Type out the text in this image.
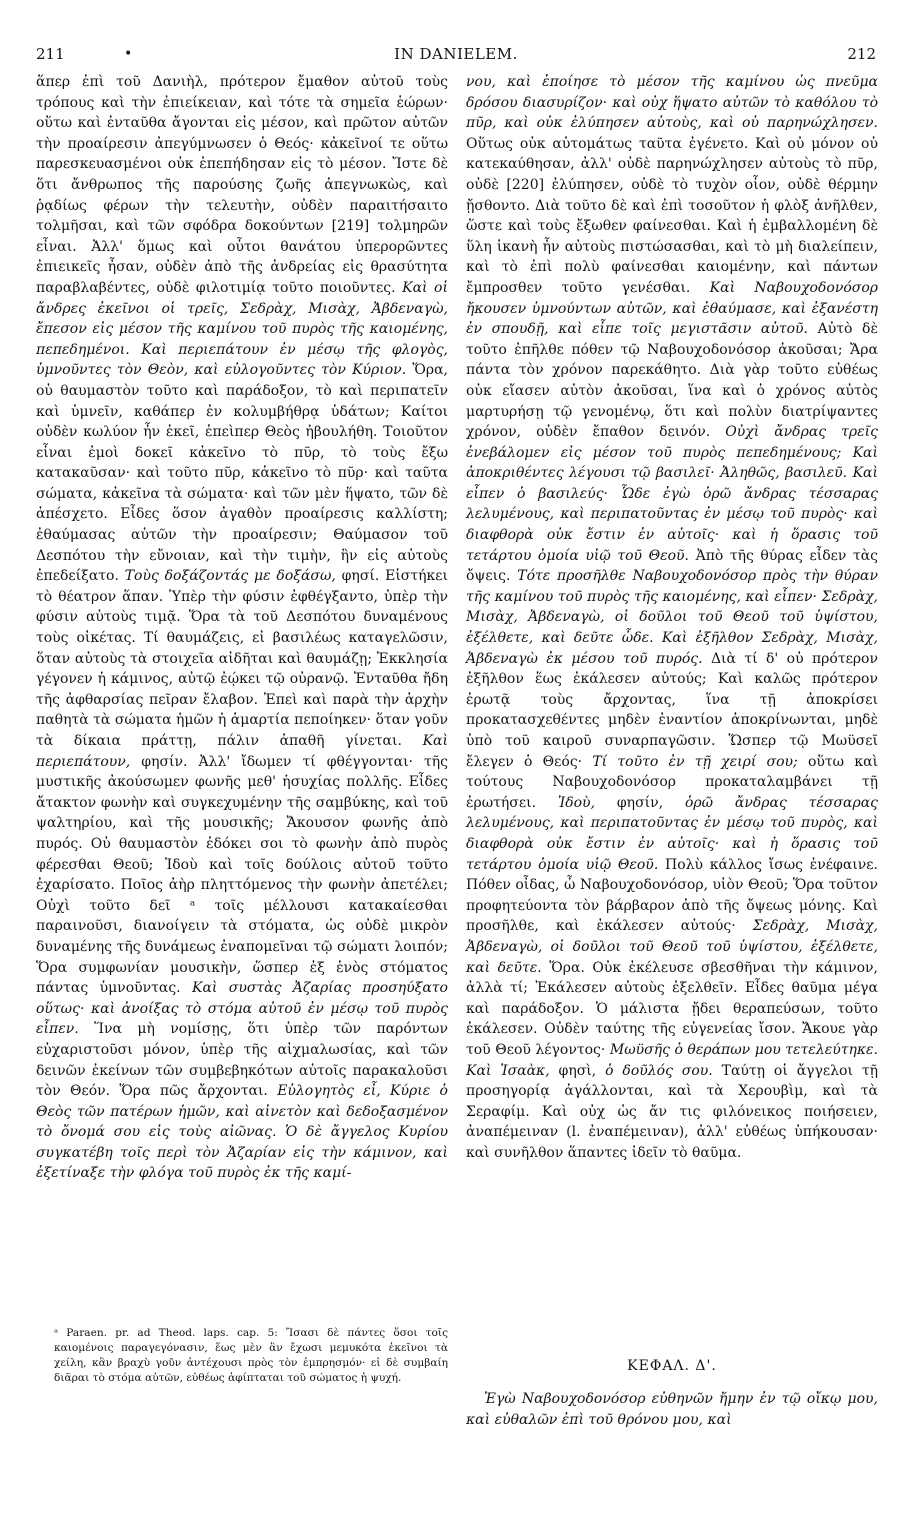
211	•	IN DANIELEM.	212

ἅπερ ἐπὶ τοῦ Δανιὴλ, πρότερον ἔμαθον αὐτοῦ τοὺς τρόπους καὶ τὴν ἐπιείκειαν, καὶ τότε τὰ σημεῖα ἑώρων· οὕτω καὶ ἐνταῦθα ἄγονται εἰς μέσον, καὶ πρῶτον αὐτῶν τὴν προαίρεσιν ἀπεγύμνωσεν ὁ Θεός· κἀκεῖνοί τε οὕτω παρεσκευασμένοι οὐκ ἐπεπήδησαν εἰς τὸ μέσον. Ἴστε δὲ ὅτι ἄνθρωπος τῆς παρούσης ζωῆς ἀπεγνωκὼς, καὶ ῥᾳδίως φέρων τὴν τελευτὴν, οὐδὲν παραιτήσαιτο τολμῆσαι, καὶ τῶν σφόδρα δοκούντων [219] τολμηρῶν εἶναι. Ἀλλ' ὅμως καὶ οὗτοι θανάτου ὑπερορῶντες ἐπιεικεῖς ἦσαν, οὐδὲν ἀπὸ τῆς ἀνδρείας εἰς θρασύτητα παραβλαβέντες, οὐδὲ φιλοτιμίᾳ τοῦτο ποιοῦντες. Καὶ οἱ ἄνδρες ἐκεῖνοι οἱ τρεῖς, Σεδρὰχ, Μισὰχ, Ἀβδεναγὼ, ἔπεσον εἰς μέσον τῆς καμίνου τοῦ πυρὸς τῆς καιομένης, πεπεδημένοι. Καὶ περιεπάτουν ἐν μέσῳ τῆς φλογὸς, ὑμνοῦντες τὸν Θεὸν, καὶ εὐλογοῦντες τὸν Κύριον. Ὅρα, οὐ θαυμαστὸν τοῦτο καὶ παράδοξον, τὸ καὶ περιπατεῖν καὶ ὑμνεῖν, καθάπερ ἐν κολυμβήθρᾳ ὑδάτων; Καίτοι οὐδὲν κωλύον ἦν ἐκεῖ, ἐπεὶπερ Θεὸς ἠβουλήθη. Τοιοῦτον εἶναι ἐμοὶ δοκεῖ κἀκεῖνο τὸ πῦρ, τὸ τοὺς ἔξω κατακαῦσαν· καὶ τοῦτο πῦρ, κἀκεῖνο τὸ πῦρ· καὶ ταῦτα σώματα, κἀκεῖνα τὰ σώματα· καὶ τῶν μὲν ἥψατο, τῶν δὲ ἀπέσχετο. Εἶδες ὅσον ἀγαθὸν προαίρεσις καλλίστη; ἐθαύμασας αὐτῶν τὴν προαίρεσιν; Θαύμασον τοῦ Δεσπότου τὴν εὔνοιαν, καὶ τὴν τιμὴν, ἣν εἰς αὐτοὺς ἐπεδείξατο. Τοὺς δοξάζοντάς με δοξάσω, φησί. Εἱστήκει τὸ θέατρον ἅπαν. Ὑπὲρ τὴν φύσιν ἐφθέγξαντο, ὑπὲρ τὴν φύσιν αὐτοὺς τιμᾷ. Ὅρα τὰ τοῦ Δεσπότου δυναμένους τοὺς οἰκέτας. Τί θαυμάζεις, εἰ βασιλέως καταγελῶσιν, ὅταν αὐτοὺς τὰ στοιχεῖα αἰδῆται καὶ θαυμάζῃ; Ἐκκλησία γέγονεν ἡ κάμινος, αὐτῷ ἐῴκει τῷ οὐρανῷ. Ἐνταῦθα ἤδη τῆς ἀφθαρσίας πεῖραν ἔλαβον. Ἐπεὶ καὶ παρὰ τὴν ἀρχὴν παθητὰ τὰ σώματα ἡμῶν ἡ ἁμαρτία πεποίηκεν· ὅταν γοῦν τὰ δίκαια πράττῃ, πάλιν ἀπαθῆ γίνεται. Καὶ περιεπάτουν, φησίν. Ἀλλ' ἴδωμεν τί φθέγγονται· τῆς μυστικῆς ἀκούσωμεν φωνῆς μεθ' ἡσυχίας πολλῆς. Εἶδες ἄτακτον φωνὴν καὶ συγκεχυμένην τῆς σαμβύκης, καὶ τοῦ ψαλτηρίου, καὶ τῆς μουσικῆς; Ἄκουσον φωνῆς ἀπὸ πυρός. Οὐ θαυμαστὸν ἐδόκει σοι τὸ φωνὴν ἀπὸ πυρὸς φέρεσθαι Θεοῦ; Ἰδοὺ καὶ τοῖς δούλοις αὐτοῦ τοῦτο ἐχαρίσατο. Ποῖος ἀὴρ πληττόμενος τὴν φωνὴν ἀπετέλει; Οὐχὶ τοῦτο δεῖ ᵃ τοῖς μέλλουσι κατακαίεσθαι παραινοῦσι, διανοίγειν τὰ στόματα, ὡς οὐδὲ μικρὸν δυναμένης τῆς δυνάμεως ἐναπομεῖναι τῷ σώματι λοιπόν; Ὅρα συμφωνίαν μουσικὴν, ὥσπερ ἐξ ἑνὸς στόματος πάντας ὑμνοῦντας. Καὶ συστὰς Ἀζαρίας προσηύξατο οὕτως· καὶ ἀνοίξας τὸ στόμα αὐτοῦ ἐν μέσῳ τοῦ πυρὸς εἶπεν. Ἵνα μὴ νομίσῃς, ὅτι ὑπὲρ τῶν παρόντων εὐχαριστοῦσι μόνον, ὑπὲρ τῆς αἰχμαλωσίας, καὶ τῶν δεινῶν ἐκείνων τῶν συμβεβηκότων αὐτοῖς παρακαλοῦσι τὸν Θεόν. Ὅρα πῶς ἄρχονται. Εὐλογητὸς εἶ, Κύριε ὁ Θεὸς τῶν πατέρων ἡμῶν, καὶ αἰνετὸν καὶ δεδοξασμένον τὸ ὄνομά σου εἰς τοὺς αἰῶνας. Ὁ δὲ ἄγγελος Κυρίου συγκατέβη τοῖς περὶ τὸν Ἀζαρίαν εἰς τὴν κάμινον, καὶ ἐξετίναξε τὴν φλόγα τοῦ πυρὸς ἐκ τῆς καμί-

νου, καὶ ἐποίησε τὸ μέσον τῆς καμίνου ὡς πνεῦμα δρόσου διασυρίζον· καὶ οὐχ ἥψατο αὐτῶν τὸ καθόλου τὸ πῦρ, καὶ οὐκ ἐλύπησεν αὐτοὺς, καὶ οὐ παρηνώχλησεν. Οὕτως οὐκ αὐτομάτως ταῦτα ἐγένετο. Καὶ οὐ μόνον οὐ κατεκαύθησαν, ἀλλ' οὐδὲ παρηνώχλησεν αὐτοὺς τὸ πῦρ, οὐδὲ [220] ἐλύπησεν, οὐδὲ τὸ τυχὸν οἷον, οὐδὲ θέρμην ᾔσθοντο. Διὰ τοῦτο δὲ καὶ ἐπὶ τοσοῦτον ἡ φλὸξ ἀνῆλθεν, ὥστε καὶ τοὺς ἔξωθεν φαίνεσθαι. Καὶ ἡ ἐμβαλλομένη δὲ ὕλη ἱκανὴ ἦν αὐτοὺς πιστώσασθαι, καὶ τὸ μὴ διαλείπειν, καὶ τὸ ἐπὶ πολὺ φαίνεσθαι καιομένην, καὶ πάντων ἔμπροσθεν τοῦτο γενέσθαι. Καὶ Ναβουχοδονόσορ ἤκουσεν ὑμνούντων αὐτῶν, καὶ ἐθαύμασε, καὶ ἐξανέστη ἐν σπουδῇ, καὶ εἶπε τοῖς μεγιστᾶσιν αὐτοῦ. Αὐτὸ δὲ τοῦτο ἐπῆλθε πόθεν τῷ Ναβουχοδονόσορ ἀκοῦσαι; Ἄρα πάντα τὸν χρόνον παρεκάθητο. Διὰ γὰρ τοῦτο εὐθέως οὐκ εἴασεν αὐτὸν ἀκοῦσαι, ἵνα καὶ ὁ χρόνος αὐτὸς μαρτυρήσῃ τῷ γενομένῳ, ὅτι καὶ πολὺν διατρίψαντες χρόνον, οὐδὲν ἔπαθον δεινόν. Οὐχὶ ἄνδρας τρεῖς ἐνεβάλομεν εἰς μέσον τοῦ πυρὸς πεπεδημένους; Καὶ ἀποκριθέντες λέγουσι τῷ βασιλεῖ· Ἀληθῶς, βασιλεῦ. Καὶ εἶπεν ὁ βασιλεύς· Ὧδε ἐγὼ ὁρῶ ἄνδρας τέσσαρας λελυμένους, καὶ περιπατοῦντας ἐν μέσῳ τοῦ πυρὸς· καὶ διαφθορὰ οὐκ ἔστιν ἐν αὐτοῖς· καὶ ἡ ὅρασις τοῦ τετάρτου ὁμοία υἱῷ τοῦ Θεοῦ. Ἀπὸ τῆς θύρας εἶδεν τὰς ὄψεις. Τότε προσῆλθε Ναβουχοδονόσορ πρὸς τὴν θύραν τῆς καμίνου τοῦ πυρὸς τῆς καιομένης, καὶ εἶπεν· Σεδρὰχ, Μισὰχ, Ἀβδεναγὼ, οἱ δοῦλοι τοῦ Θεοῦ τοῦ ὑψίστου, ἐξέλθετε, καὶ δεῦτε ὧδε. Καὶ ἐξῆλθον Σεδρὰχ, Μισὰχ, Ἀβδεναγὼ ἐκ μέσου τοῦ πυρός. Διὰ τί δ' οὐ πρότερον ἐξῆλθον ἕως ἐκάλεσεν αὐτούς; Καὶ καλῶς πρότερον ἐρωτᾷ τοὺς ἄρχοντας, ἵνα τῇ ἀποκρίσει προκατασχεθέντες μηδὲν ἐναντίον ἀποκρίνωνται, μηδὲ ὑπὸ τοῦ καιροῦ συναρπαγῶσιν. Ὥσπερ τῷ Μωϋσεῖ ἔλεγεν ὁ Θεός· Τί τοῦτο ἐν τῇ χειρί σου; οὕτω καὶ τούτους Ναβουχοδονόσορ προκαταλαμβάνει τῇ ἐρωτήσει. Ἰδοὺ, φησίν, ὁρῶ ἄνδρας τέσσαρας λελυμένους, καὶ περιπατοῦντας ἐν μέσῳ τοῦ πυρὸς, καὶ διαφθορὰ οὐκ ἔστιν ἐν αὐτοῖς· καὶ ἡ ὅρασις τοῦ τετάρτου ὁμοία υἱῷ Θεοῦ. Πολὺ κάλλος ἴσως ἐνέφαινε. Πόθεν οἶδας, ὦ Ναβουχοδονόσορ, υἱὸν Θεοῦ; Ὅρα τοῦτον προφητεύοντα τὸν βάρβαρον ἀπὸ τῆς ὄψεως μόνης. Καὶ προσῆλθε, καὶ ἐκάλεσεν αὐτούς· Σεδρὰχ, Μισὰχ, Ἀβδεναγὼ, οἱ δοῦλοι τοῦ Θεοῦ τοῦ ὑψίστου, ἐξέλθετε, καὶ δεῦτε. Ὅρα. Οὐκ ἐκέλευσε σβεσθῆναι τὴν κάμινον, ἀλλὰ τί; Ἐκάλεσεν αὐτοὺς ἐξελθεῖν. Εἶδες θαῦμα μέγα καὶ παράδοξον. Ὁ μάλιστα ᾔδει θεραπεύσων, τοῦτο ἐκάλεσεν. Οὐδὲν ταύτης τῆς εὐγενείας ἴσον. Ἄκουε γὰρ τοῦ Θεοῦ λέγοντος· Μωϋσῆς ὁ θεράπων μου τετελεύτηκε. Καὶ Ἰσαὰκ, φησὶ, ὁ δοῦλός σου. Ταύτῃ οἱ ἄγγελοι τῇ προσηγορίᾳ ἀγάλλονται, καὶ τὰ Χερουβὶμ, καὶ τὰ Σεραφίμ. Καὶ οὐχ ὡς ἄν τις φιλόνεικος ποιήσειεν, ἀναπέμειναν (l. ἐναπέμειναν), ἀλλ' εὐθέως ὑπήκουσαν· καὶ συνῆλθον ἅπαντες ἰδεῖν τὸ θαῦμα.

ᵃ Paraen. pr. ad Theod. laps. cap. 5: Ἴσασι δὲ πάντες ὅσοι τοῖς καιομένοις παραγεγόνασιν, ἕως μὲν ἂν ἔχωσι μεμυκότα ἐκεῖνοι τὰ χείλη, κἂν βραχὺ γοῦν ἀντέχουσι πρὸς τὸν ἐμπρησμόν· εἰ δὲ συμβαίη διᾶραι τὸ στόμα αὐτῶν, εὐθέως ἀφίπταται τοῦ σώματος ἡ ψυχή.
ΚΕΦΑΛ. Δ'.
Ἐγὼ Ναβουχοδονόσορ εὐθηνῶν ἤμην ἐν τῷ οἴκῳ μου, καὶ εὐθαλῶν ἐπὶ τοῦ θρόνου μου, καὶ
